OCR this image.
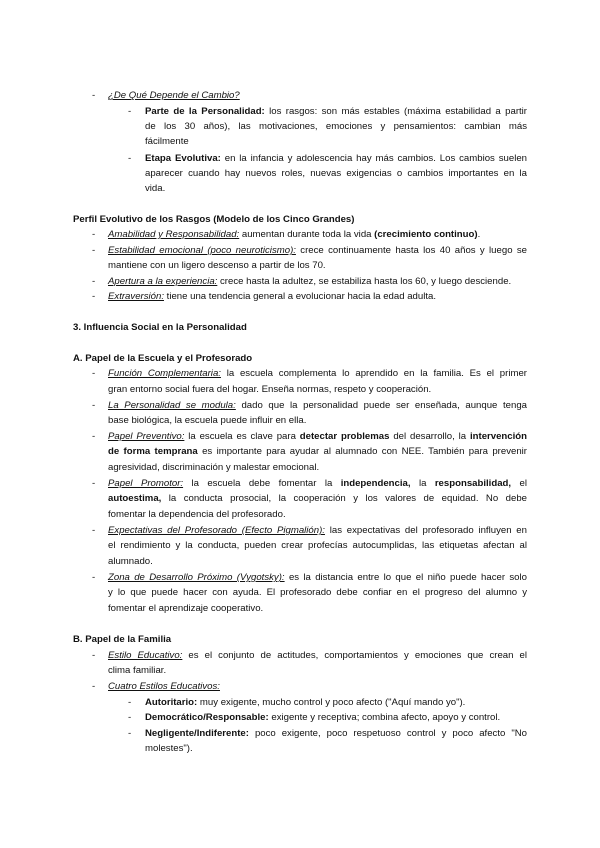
- ¿De Qué Depende el Cambio?
- Parte de la Personalidad: los rasgos: son más estables (máxima estabilidad a partir
de los 30 años), las motivaciones, emociones y pensamientos: cambian más
fácilmente
- Etapa Evolutiva: en la infancia y adolescencia hay más cambios. Los cambios suelen
aparecer cuando hay nuevos roles, nuevas exigencias o cambios importantes en la
vida.
Perfil Evolutivo de los Rasgos (Modelo de los Cinco Grandes)
- Amabilidad y Responsabilidad: aumentan durante toda la vida (crecimiento continuo).
- Estabilidad emocional (poco neuroticismo): crece continuamente hasta los 40 años y luego se
mantiene con un ligero descenso a partir de los 70.
- Apertura a la experiencia: crece hasta la adultez, se estabiliza hasta los 60, y luego desciende.
- Extraversión: tiene una tendencia general a evolucionar hacia la edad adulta.
3. Influencia Social en la Personalidad
A. Papel de la Escuela y el Profesorado
- Función Complementaria: la escuela complementa lo aprendido en la familia. Es el primer
gran entorno social fuera del hogar. Enseña normas, respeto y cooperación.
- La Personalidad se modula: dado que la personalidad puede ser enseñada, aunque tenga
base biológica, la escuela puede influir en ella.
- Papel Preventivo: la escuela es clave para detectar problemas del desarrollo, la intervención
de forma temprana es importante para ayudar al alumnado con NEE. También para prevenir
agresividad, discriminación y malestar emocional.
- Papel Promotor: la escuela debe fomentar la independencia, la responsabilidad, el
autoestima, la conducta prosocial, la cooperación y los valores de equidad. No debe
fomentar la dependencia del profesorado.
- Expectativas del Profesorado (Efecto Pigmalión): las expectativas del profesorado influyen en
el rendimiento y la conducta, pueden crear profecías autocumplidas, las etiquetas afectan al
alumnado.
- Zona de Desarrollo Próximo (Vygotsky): es la distancia entre lo que el niño puede hacer solo
y lo que puede hacer con ayuda. El profesorado debe confiar en el progreso del alumno y
fomentar el aprendizaje cooperativo.
B. Papel de la Familia
- Estilo Educativo: es el conjunto de actitudes, comportamientos y emociones que crean el
clima familiar.
- Cuatro Estilos Educativos:
- Autoritario: muy exigente, mucho control y poco afecto ("Aquí mando yo").
- Democrático/Responsable: exigente y receptiva; combina afecto, apoyo y control.
- Negligente/Indiferente: poco exigente, poco respetuoso control y poco afecto "No
molestes").
